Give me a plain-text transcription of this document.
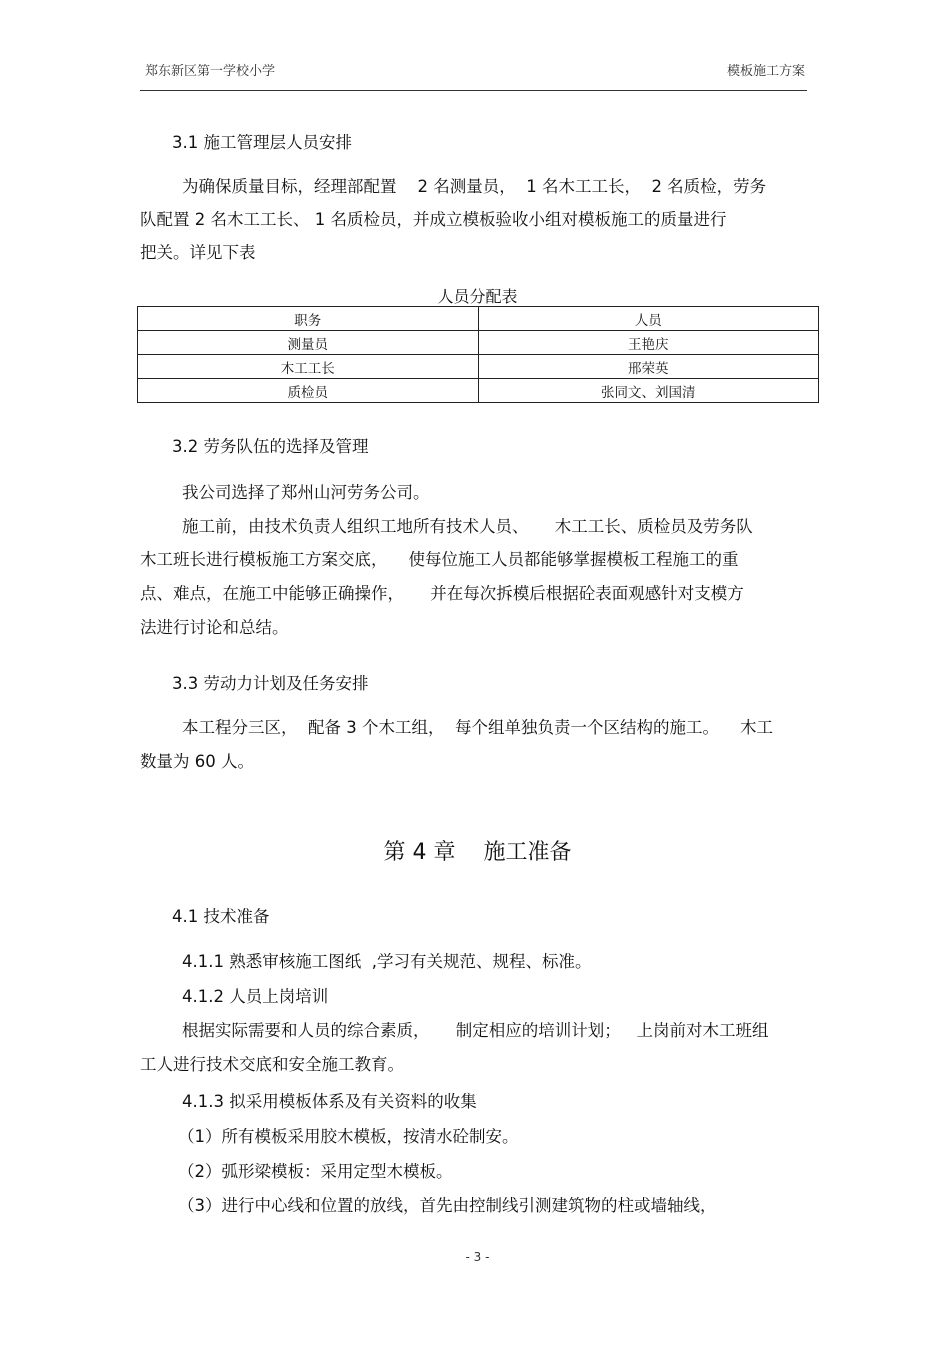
郑东新区第一学校小学	模板施工方案

3.1 施工管理层人员安排

为确保质量目标，经理部配置    2 名测量员，  1 名木工工长，  2 名质检，劳务

队配置 2 名木工工长、 1 名质检员，并成立模板验收小组对模板施工的质量进行

把关。详见下表

人员分配表
职务	人员
测量员	王艳庆
木工工长	邢荣英
质检员	张同文、刘国清

3.2 劳务队伍的选择及管理

我公司选择了郑州山河劳务公司。

施工前，由技术负责人组织工地所有技术人员、     木工工长、质检员及劳务队

木工班长进行模板施工方案交底，    使每位施工人员都能够掌握模板工程施工的重

点、难点，在施工中能够正确操作，     并在每次拆模后根据砼表面观感针对支模方

法进行讨论和总结。

3.3 劳动力计划及任务安排

本工程分三区，  配备 3 个木工组，  每个组单独负责一个区结构的施工。    木工

数量为 60 人。

第 4 章 施工准备

4.1 技术准备

4.1.1 熟悉审核施工图纸  ,学习有关规范、规程、标准。

4.1.2 人员上岗培训

根据实际需要和人员的综合素质，     制定相应的培训计划；   上岗前对木工班组

工人进行技术交底和安全施工教育。

4.1.3 拟采用模板体系及有关资料的收集

（1）所有模板采用胶木模板，按清水砼制安。

（2）弧形梁模板：采用定型木模板。

（3）进行中心线和位置的放线，首先由控制线引测建筑物的柱或墙轴线，

- 3 -
